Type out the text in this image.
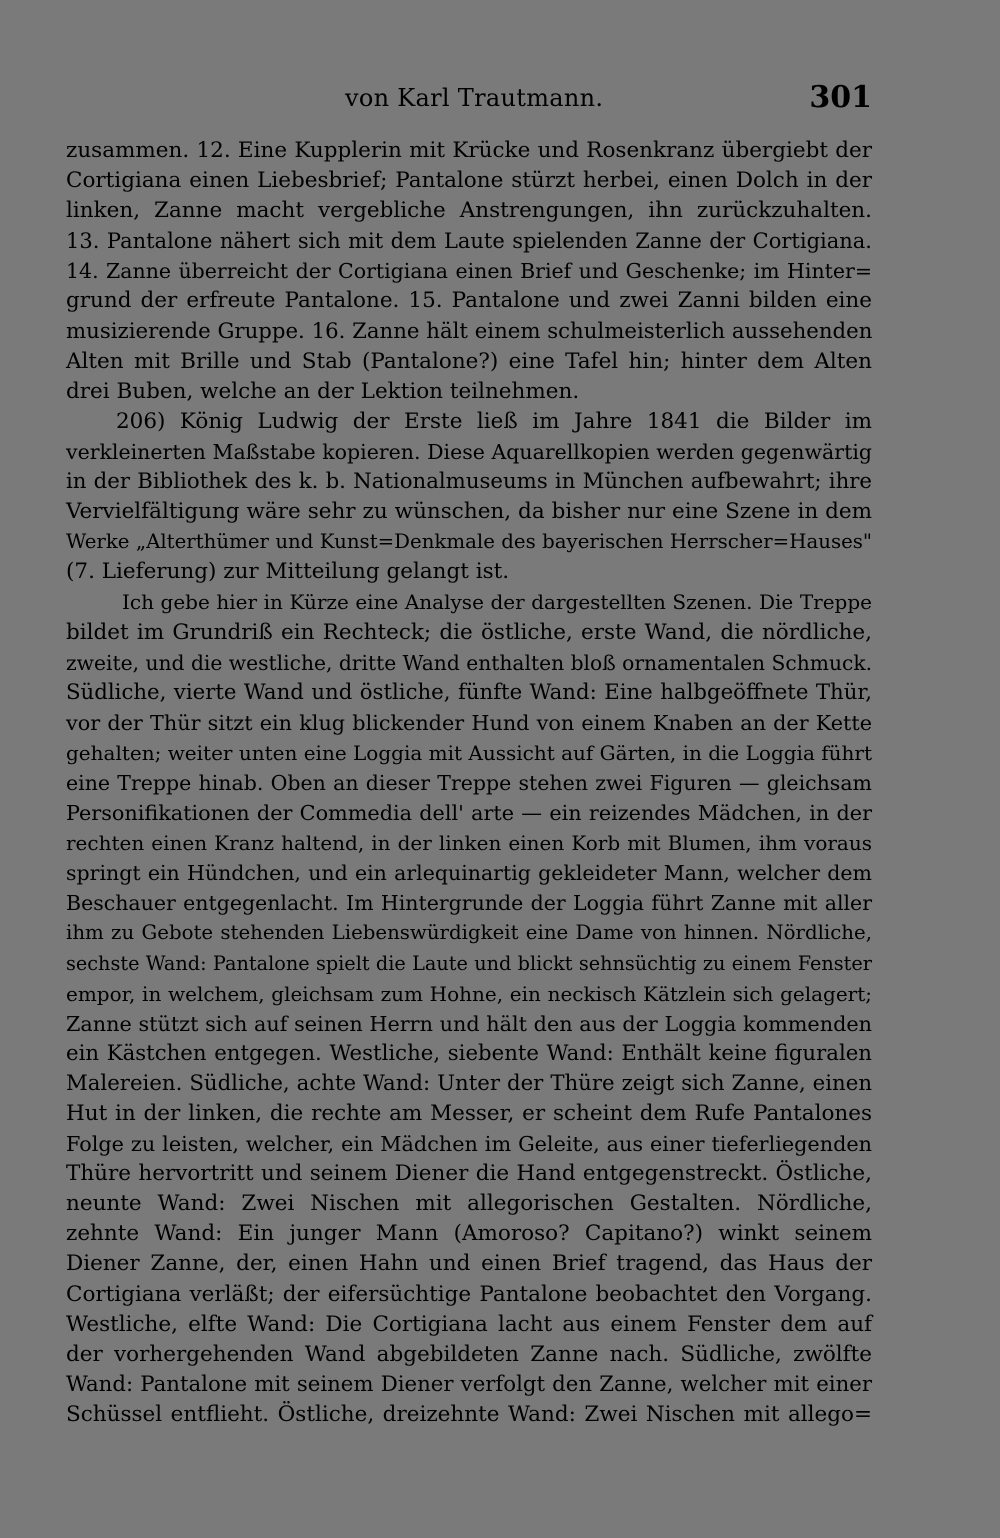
von Karl Trautmann.	301
zusammen. 12. Eine Kupplerin mit Krücke und Rosenkranz übergiebt der
Cortigiana einen Liebesbrief; Pantalone stürzt herbei, einen Dolch in der
linken, Zanne macht vergebliche Anstrengungen, ihn zurückzuhalten.
13. Pantalone nähert sich mit dem Laute spielenden Zanne der Cortigiana.
14. Zanne überreicht der Cortigiana einen Brief und Geschenke; im Hinter=
grund der erfreute Pantalone. 15. Pantalone und zwei Zanni bilden eine
musizierende Gruppe. 16. Zanne hält einem schulmeisterlich aussehenden
Alten mit Brille und Stab (Pantalone?) eine Tafel hin; hinter dem Alten
drei Buben, welche an der Lektion teilnehmen.
206) König Ludwig der Erste ließ im Jahre 1841 die Bilder im
verkleinerten Maßstabe kopieren. Diese Aquarellkopien werden gegenwärtig
in der Bibliothek des k. b. Nationalmuseums in München aufbewahrt; ihre
Vervielfältigung wäre sehr zu wünschen, da bisher nur eine Szene in dem
Werke „Alterthümer und Kunst=Denkmale des bayerischen Herrscher=Hauses"
(7. Lieferung) zur Mitteilung gelangt ist.
Ich gebe hier in Kürze eine Analyse der dargestellten Szenen. Die Treppe
bildet im Grundriß ein Rechteck; die östliche, erste Wand, die nördliche,
zweite, und die westliche, dritte Wand enthalten bloß ornamentalen Schmuck.
Südliche, vierte Wand und östliche, fünfte Wand: Eine halbgeöffnete Thür,
vor der Thür sitzt ein klug blickender Hund von einem Knaben an der Kette
gehalten; weiter unten eine Loggia mit Aussicht auf Gärten, in die Loggia führt
eine Treppe hinab. Oben an dieser Treppe stehen zwei Figuren — gleichsam
Personifikationen der Commedia dell' arte — ein reizendes Mädchen, in der
rechten einen Kranz haltend, in der linken einen Korb mit Blumen, ihm voraus
springt ein Hündchen, und ein arlequinartig gekleideter Mann, welcher dem
Beschauer entgegenlacht. Im Hintergrunde der Loggia führt Zanne mit aller
ihm zu Gebote stehenden Liebenswürdigkeit eine Dame von hinnen. Nördliche,
sechste Wand: Pantalone spielt die Laute und blickt sehnsüchtig zu einem Fenster
empor, in welchem, gleichsam zum Hohne, ein neckisch Kätzlein sich gelagert;
Zanne stützt sich auf seinen Herrn und hält den aus der Loggia kommenden
ein Kästchen entgegen. Westliche, siebente Wand: Enthält keine figuralen
Malereien. Südliche, achte Wand: Unter der Thüre zeigt sich Zanne, einen
Hut in der linken, die rechte am Messer, er scheint dem Rufe Pantalones
Folge zu leisten, welcher, ein Mädchen im Geleite, aus einer tieferliegenden
Thüre hervortritt und seinem Diener die Hand entgegenstreckt. Östliche,
neunte Wand: Zwei Nischen mit allegorischen Gestalten. Nördliche,
zehnte Wand: Ein junger Mann (Amoroso? Capitano?) winkt seinem
Diener Zanne, der, einen Hahn und einen Brief tragend, das Haus der
Cortigiana verläßt; der eifersüchtige Pantalone beobachtet den Vorgang.
Westliche, elfte Wand: Die Cortigiana lacht aus einem Fenster dem auf
der vorhergehenden Wand abgebildeten Zanne nach. Südliche, zwölfte
Wand: Pantalone mit seinem Diener verfolgt den Zanne, welcher mit einer
Schüssel entflieht. Östliche, dreizehnte Wand: Zwei Nischen mit allego=
